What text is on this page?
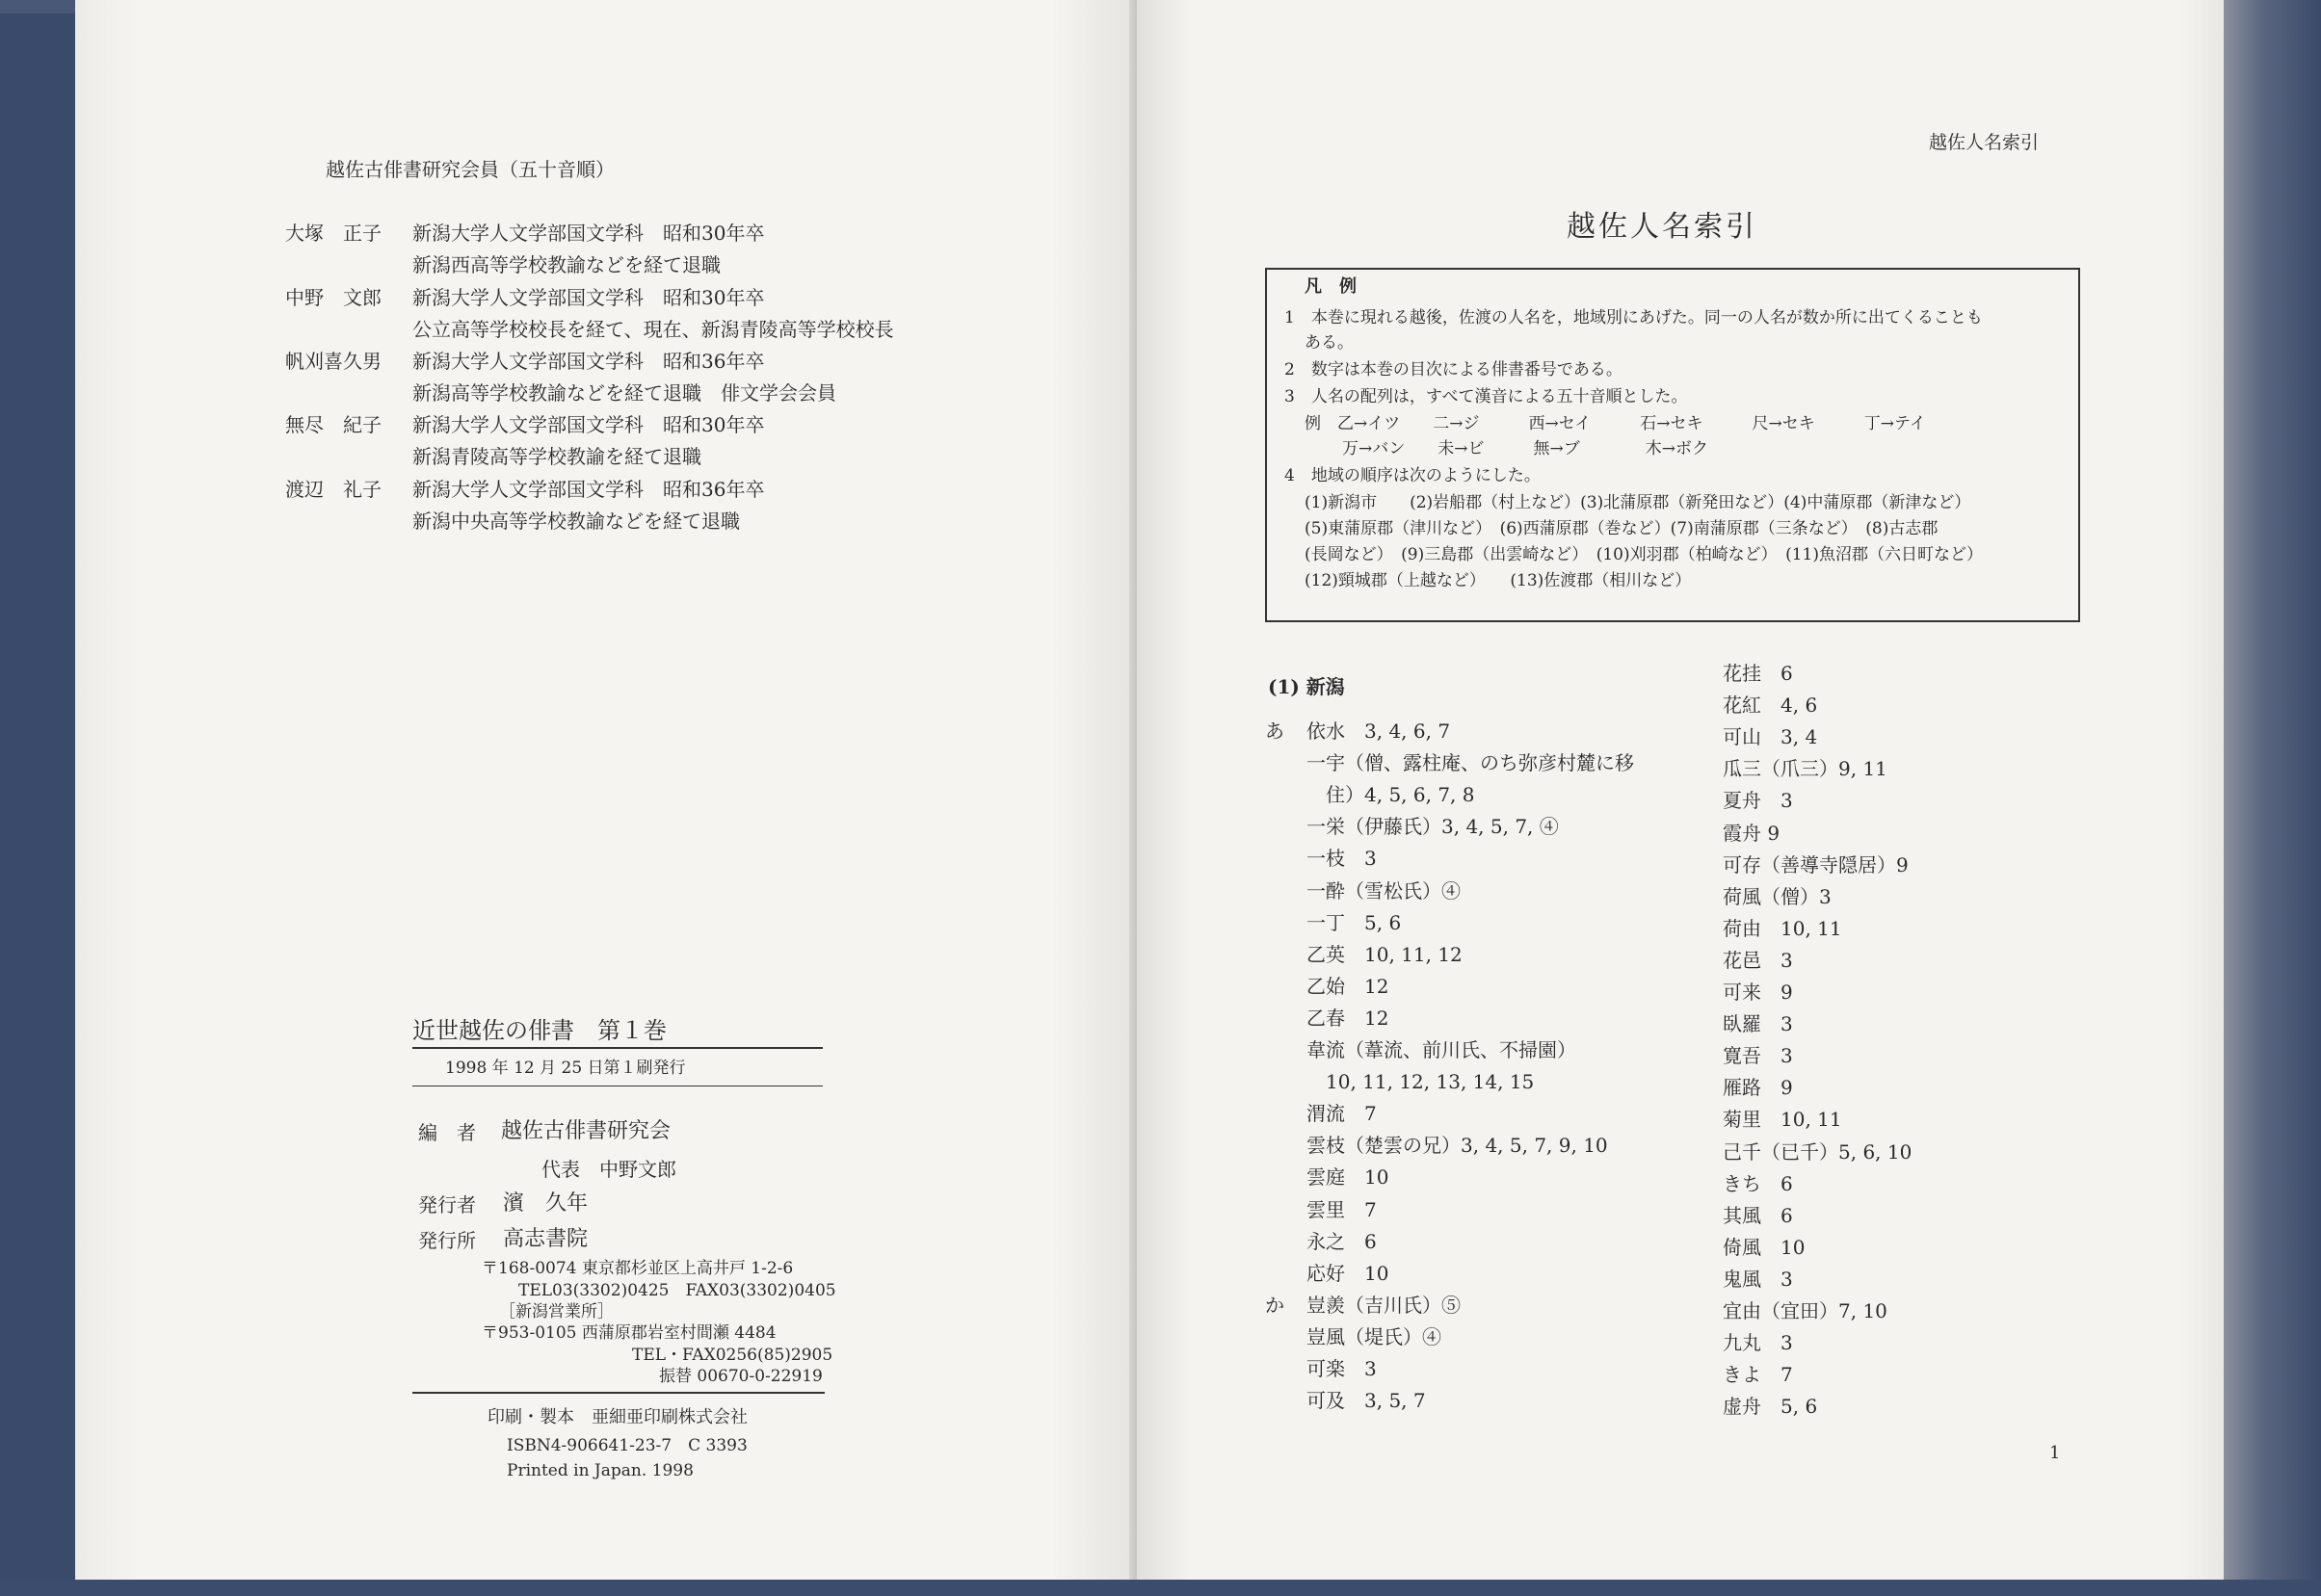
越佐古俳書研究会員（五十音順）
大塚　正子 新潟大学人文学部国文学科　昭和30年卒
新潟西高等学校教諭などを経て退職
中野　文郎 新潟大学人文学部国文学科　昭和30年卒
公立高等学校校長を経て、現在、新潟青陵高等学校校長
帆刈喜久男 新潟大学人文学部国文学科　昭和36年卒
新潟高等学校教諭などを経て退職　俳文学会会員
無尽　紀子 新潟大学人文学部国文学科　昭和30年卒
新潟青陵高等学校教諭を経て退職
渡辺　礼子 新潟大学人文学部国文学科　昭和36年卒
新潟中央高等学校教諭などを経て退職
近世越佐の俳書　第１巻
1998 年 12 月 25 日第１刷発行
編　者 越佐古俳書研究会
代表　中野文郎
発行者 濱　久年
発行所 高志書院
〒168-0074 東京都杉並区上高井戸 1-2-6
TEL03(3302)0425　FAX03(3302)0405
［新潟営業所］
〒953-0105 西蒲原郡岩室村間瀬 4484
TEL・FAX0256(85)2905
振替 00670-0-22919
印刷・製本　亜細亜印刷株式会社
ISBN4-906641-23-7　C 3393
Printed in Japan. 1998
越佐人名索引
越佐人名索引
凡　例
1　本巻に現れる越後，佐渡の人名を，地域別にあげた。同一の人名が数か所に出てくることも
ある。
2　数字は本巻の目次による俳書番号である。
3　人名の配列は，すべて漢音による五十音順とした。
例　乙→イツ　　二→ジ　　　西→セイ　　　石→セキ　　　尺→セキ　　　丁→テイ
万→バン　　未→ビ　　　無→ブ　　　　木→ボク
4　地域の順序は次のようにした。
(1)新潟市　　(2)岩船郡（村上など）(3)北蒲原郡（新発田など）(4)中蒲原郡（新津など）
(5)東蒲原郡（津川など）　(6)西蒲原郡（巻など）(7)南蒲原郡（三条など）　(8)古志郡
(長岡など）　(9)三島郡（出雲崎など）　(10)刈羽郡（柏崎など）　(11)魚沼郡（六日町など）
(12)頸城郡（上越など）　　(13)佐渡郡（相川など）
(1) 新潟
あ 依水　3, 4, 6, 7
一宇（僧、露柱庵、のち弥彦村麓に移
　住）4, 5, 6, 7, 8
一栄（伊藤氏）3, 4, 5, 7, ④
一枝　3
一酔（雪松氏）④
一丁　5, 6
乙英　10, 11, 12
乙始　12
乙春　12
韋流（葦流、前川氏、不掃園）
　10, 11, 12, 13, 14, 15
渭流　7
雲枝（楚雲の兄）3, 4, 5, 7, 9, 10
雲庭　10
雲里　7
永之　6
応好　10
か 豈羨（吉川氏）⑤
豈風（堤氏）④
可楽　3
可及　3, 5, 7
花挂　6
花紅　4, 6
可山　3, 4
瓜三（爪三）9, 11
夏舟　3
霞舟 9
可存（善導寺隠居）9
荷風（僧）3
荷由　10, 11
花邑　3
可来　9
臥羅　3
寛吾　3
雁路　9
菊里　10, 11
己千（已千）5, 6, 10
きち　6
其風　6
倚風　10
鬼風　3
宜由（宜田）7, 10
九丸　3
きよ　7
虚舟　5, 6
1
